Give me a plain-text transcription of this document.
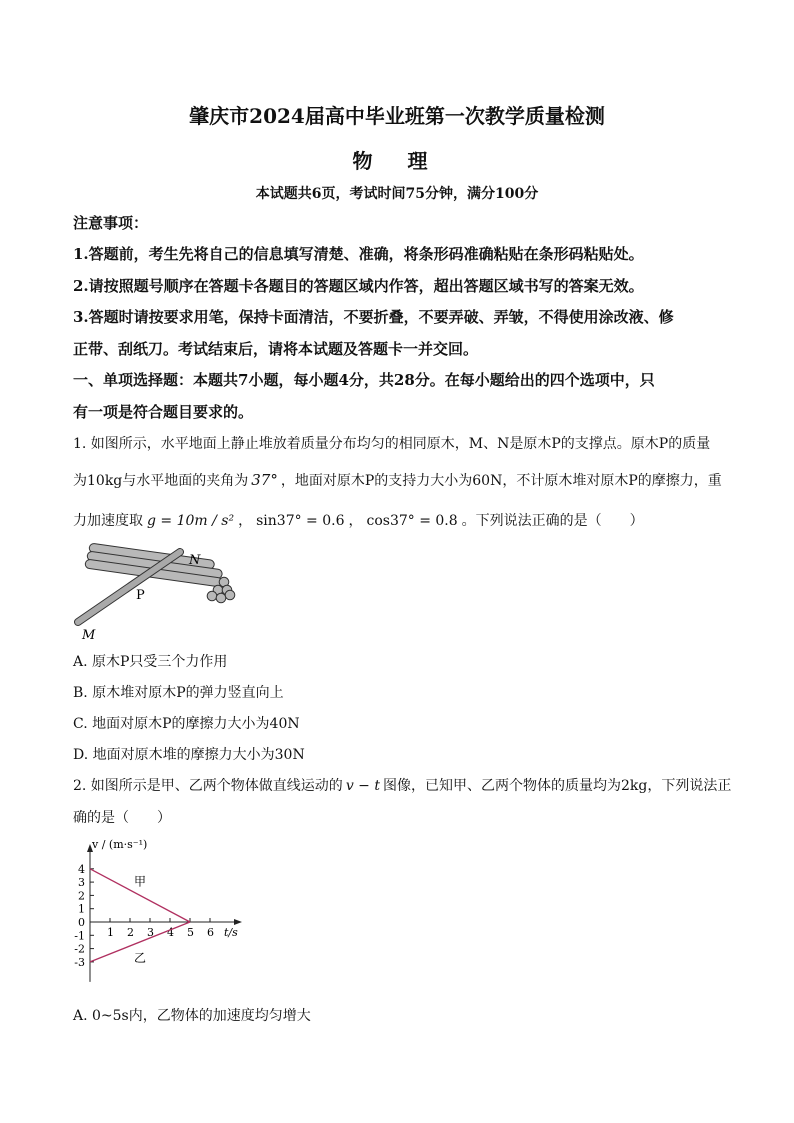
肇庆市2024届高中毕业班第一次教学质量检测
物 理
本试题共6页，考试时间75分钟，满分100分
注意事项：
1.答题前，考生先将自己的信息填写清楚、准确，将条形码准确粘贴在条形码粘贴处。
2.请按照题号顺序在答题卡各题目的答题区域内作答，超出答题区域书写的答案无效。
3.答题时请按要求用笔，保持卡面清洁，不要折叠，不要弄破、弄皱，不得使用涂改液、修
正带、刮纸刀。考试结束后，请将本试题及答题卡一并交回。
一、单项选择题：本题共7小题，每小题4分，共28分。在每小题给出的四个选项中，只
有一项是符合题目要求的。
1. 如图所示，水平地面上静止堆放着质量分布均匀的相同原木，M、N是原木P的支撑点。原木P的质量
为10kg与水平地面的夹角为 37° ，地面对原木P的支持力大小为60N，不计原木堆对原木P的摩擦力，重
力加速度取 g = 10m / s² ， sin37° = 0.6 ， cos37° = 0.8 。下列说法正确的是（　　）
N
P
M
A. 原木P只受三个力作用
B. 原木堆对原木P的弹力竖直向上
C. 地面对原木P的摩擦力大小为40N
D. 地面对原木堆的摩擦力大小为30N
2. 如图所示是甲、乙两个物体做直线运动的 v − t 图像，已知甲、乙两个物体的质量均为2kg，下列说法正
确的是（　　）
v / (m·s⁻¹)
t/s
4
3
2
1
0
-1
-2
-3
1 2 3 4 5 6
甲
乙
A. 0~5s内，乙物体的加速度均匀增大
